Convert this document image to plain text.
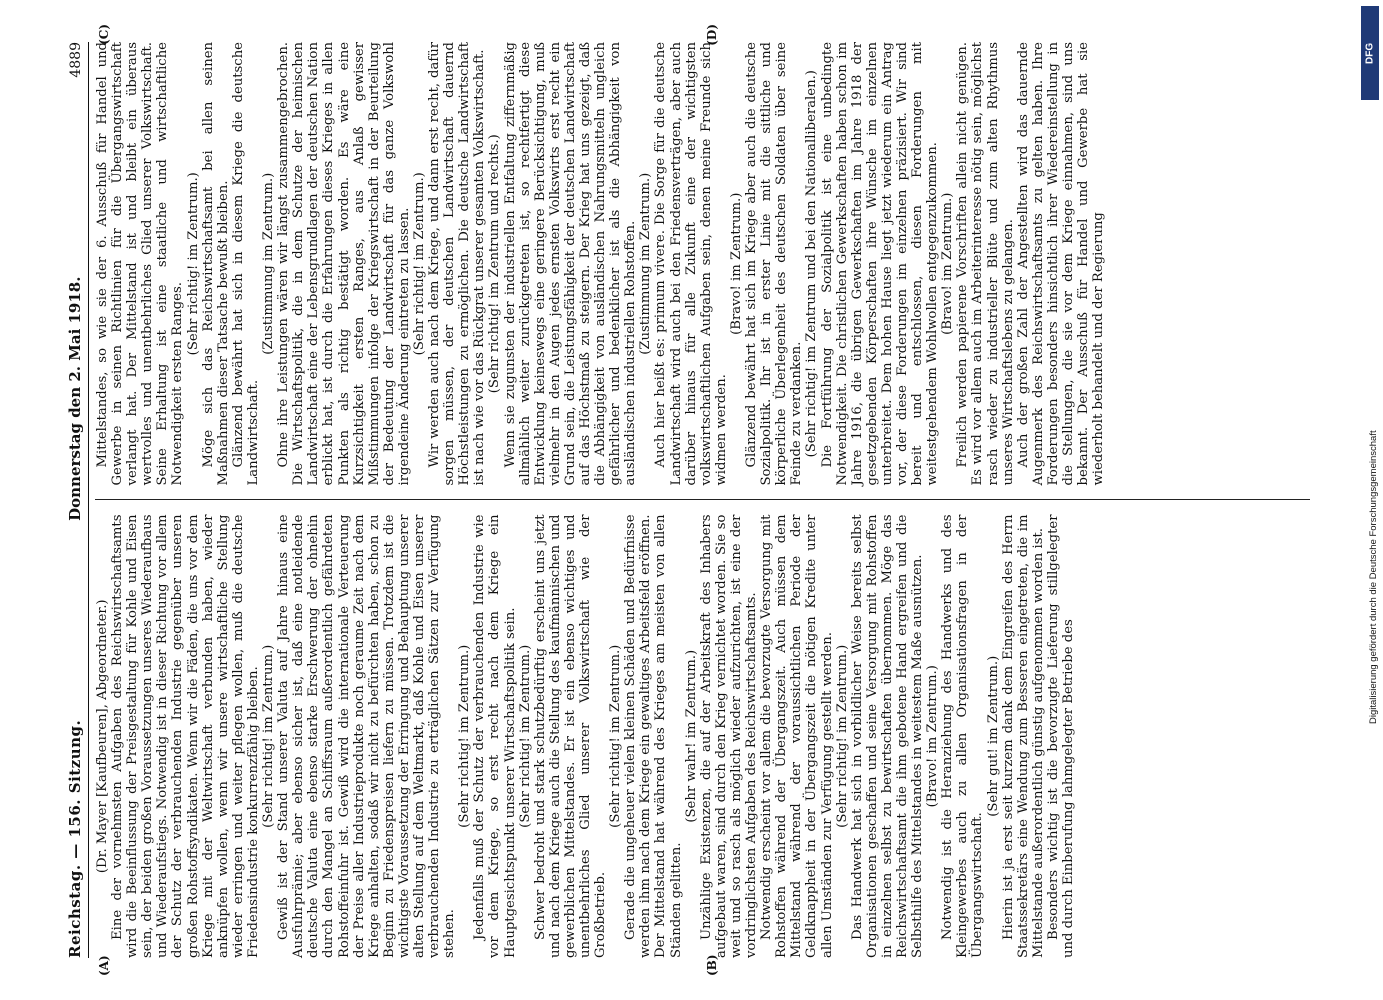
DFG
Digitalisierung gefördert durch die Deutsche Forschungsgemeinschaft
Reichstag. — 156. Sitzung.
Donnerstag den 2. Mai 1918.
4889
(A)	(B)

(Dr. Mayer [Kaufbeuren], Abgeordneter.) Eine der vornehmsten Aufgaben des Reichswirtschaftsamts wird die Beeinflussung der Preisgestaltung für Kohle und Eisen sein, der beiden großen Voraussetzungen unseres Wiederaufbaus und Wiederaufstiegs. Notwendig ist in dieser Richtung vor allem der Schutz der verbrauchenden Industrie gegenüber unseren großen Rohstoffsyndikaten. Wenn wir die Fäden, die uns vor dem Kriege mit der Weltwirtschaft verbunden haben, wieder anknüpfen wollen, wenn wir unsere wirtschaftliche Stellung wieder erringen und weiter pflegen wollen, muß die deutsche Friedensindustrie konkurrenzfähig bleiben. (Sehr richtig! im Zentrum.) Gewiß ist der Stand unserer Valuta auf Jahre hinaus eine Ausfuhrprämie; aber ebenso sicher ist, daß eine notleidende deutsche Valuta eine ebenso starke Erschwerung der ohnehin durch den Mangel an Schiffsraum außerordentlich gefährdeten Rohstoffeinfuhr ist. Gewiß wird die internationale Verteuerung der Preise aller Industrieprodukte noch geraume Zeit nach dem Kriege anhalten, sodaß wir nicht zu befürchten haben, schon zu Beginn zu Friedenspreisen liefern zu müssen. Trotzdem ist die wichtigste Voraussetzung der Erringung und Behauptung unserer alten Stellung auf dem Weltmarkt, daß Kohle und Eisen unserer verbrauchenden Industrie zu erträglichen Sätzen zur Verfügung stehen.

(Sehr richtig! im Zentrum.) Jedenfalls muß der Schutz der verbrauchenden Industrie wie vor dem Kriege, so erst recht nach dem Kriege ein Hauptgesichtspunkt unserer Wirtschaftspolitik sein. (Sehr richtig! im Zentrum.) Schwer bedroht und stark schutzbedürftig erscheint uns jetzt und nach dem Kriege auch die Stellung des kaufmännischen und gewerblichen Mittelstandes. Er ist ein ebenso wichtiges und unentbehrliches Glied unserer Volkswirtschaft wie der Großbetrieb.

(Sehr richtig! im Zentrum.) Gerade die ungeheuer vielen kleinen Schäden und Bedürfnisse werden ihm nach dem Kriege ein gewaltiges Arbeitsfeld eröffnen. Der Mittelstand hat während des Krieges am meisten von allen Ständen gelitten.

(Sehr wahr! im Zentrum.) Unzählige Existenzen, die auf der Arbeitskraft des Inhabers aufgebaut waren, sind durch den Krieg vernichtet worden. Sie so weit und so rasch als möglich wieder aufzurichten, ist eine der vordringlichsten Aufgaben des Reichswirtschaftsamts. Notwendig erscheint vor allem die bevorzugte Versorgung mit Rohstoffen während der Übergangszeit. Auch müssen dem Mittelstand während der voraussichtlichen Periode der Geldknappheit in der Übergangszeit die nötigen Kredite unter allen Umständen zur Verfügung gestellt werden. (Sehr richtig! im Zentrum.) Das Handwerk hat sich in vorbildlicher Weise bereits selbst Organisationen geschaffen und seine Versorgung mit Rohstoffen in einzelnen selbst zu bewirtschaften übernommen. Möge das Reichswirtschaftsamt die ihm gebotene Hand ergreifen und die Selbsthilfe des Mittelstandes in weitestem Maße ausnützen. (Bravo! im Zentrum.) Notwendig ist die Heranziehung des Handwerks und des Kleingewerbes auch zu allen Organisationsfragen in der Übergangswirtschaft.

(Sehr gut! im Zentrum.) Hierin ist ja erst seit kurzem dank dem Eingreifen des Herrn Staatssekretärs eine Wendung zum Besseren eingetreten, die im Mittelstande außerordentlich günstig aufgenommen worden ist. Besonders wichtig ist die bevorzugte Lieferung stillgelegter und durch Einberufung lahmgelegter Betriebe des

(C)	(D)

Mittelstandes, so wie sie der 6. Ausschuß für Handel und Gewerbe in seinen Richtlinien für die Übergangswirtschaft verlangt hat. Der Mittelstand ist und bleibt ein überaus wertvolles und unentbehrliches Glied unserer Volkswirtschaft. Seine Erhaltung ist eine staatliche und wirtschaftliche Notwendigkeit ersten Ranges.

(Sehr richtig! im Zentrum.) Möge sich das Reichswirtschaftsamt bei allen seinen Maßnahmen dieser Tatsache bewußt bleiben. Glänzend bewährt hat sich in diesem Kriege die deutsche Landwirtschaft.

(Zustimmung im Zentrum.) Ohne ihre Leistungen wären wir längst zusammengebrochen. Die Wirtschaftspolitik, die in dem Schutze der heimischen Landwirtschaft eine der Lebensgrundlagen der deutschen Nation erblickt hat, ist durch die Erfahrungen dieses Krieges in allen Punkten als richtig bestätigt worden. Es wäre eine Kurzsichtigkeit ersten Ranges, aus Anlaß gewisser Mißstimmungen infolge der Kriegswirtschaft in der Beurteilung der Bedeutung der Landwirtschaft für das ganze Volkswohl irgendeine Änderung eintreten zu lassen. (Sehr richtig! im Zentrum.) Wir werden auch nach dem Kriege, und dann erst recht, dafür sorgen müssen, der deutschen Landwirtschaft dauernd Höchstleistungen zu ermöglichen. Die deutsche Landwirtschaft ist nach wie vor das Rückgrat unserer gesamten Volkswirtschaft. (Sehr richtig! im Zentrum und rechts.) Wenn sie zugunsten der industriellen Entfaltung ziffernmäßig allmählich weiter zurückgetreten ist, so rechtfertigt diese Entwicklung keineswegs eine geringere Berücksichtigung, muß vielmehr in den Augen jedes ernsten Volkswirts erst recht ein Grund sein, die Leistungsfähigkeit der deutschen Landwirtschaft auf das Höchstmaß zu steigern. Der Krieg hat uns gezeigt, daß die Abhängigkeit von ausländischen Nahrungsmitteln ungleich gefährlicher und bedenklicher ist als die Abhängigkeit von ausländischen industriellen Rohstoffen. (Zustimmung im Zentrum.) Auch hier heißt es: primum vivere. Die Sorge für die deutsche Landwirtschaft wird auch bei den Friedensverträgen, aber auch darüber hinaus für alle Zukunft eine der wichtigsten volkswirtschaftlichen Aufgaben sein, denen meine Freunde sich widmen werden.

(Bravo! im Zentrum.) Glänzend bewährt hat sich im Kriege aber auch die deutsche Sozialpolitik. Ihr ist in erster Linie mit die sittliche und körperliche Überlegenheit des deutschen Soldaten über seine Feinde zu verdanken. (Sehr richtig! im Zentrum und bei den Nationalliberalen.) Die Fortführung der Sozialpolitik ist eine unbedingte Notwendigkeit. Die christlichen Gewerkschaften haben schon im Jahre 1916, die übrigen Gewerkschaften im Jahre 1918 der gesetzgebenden Körperschaften ihre Wünsche im einzelnen unterbreitet. Dem hohen Hause liegt jetzt wiederum ein Antrag vor, der diese Forderungen im einzelnen präzisiert. Wir sind bereit und entschlossen, diesen Forderungen mit weitestgehendem Wohlwollen entgegenzukommen. (Bravo! im Zentrum.) Freilich werden papierene Vorschriften allein nicht genügen. Es wird vor allem auch im Arbeiterinteresse nötig sein, möglichst rasch wieder zu industrieller Blüte und zum alten Rhythmus unseres Wirtschaftslebens zu gelangen. Auch der großen Zahl der Angestellten wird das dauernde Augenmerk des Reichswirtschaftsamts zu gelten haben. Ihre Forderungen besonders hinsichtlich ihrer Wiedereinstellung in die Stellungen, die sie vor dem Kriege einnahmen, sind uns bekannt. Der Ausschuß für Handel und Gewerbe hat sie wiederholt behandelt und der Regierung
